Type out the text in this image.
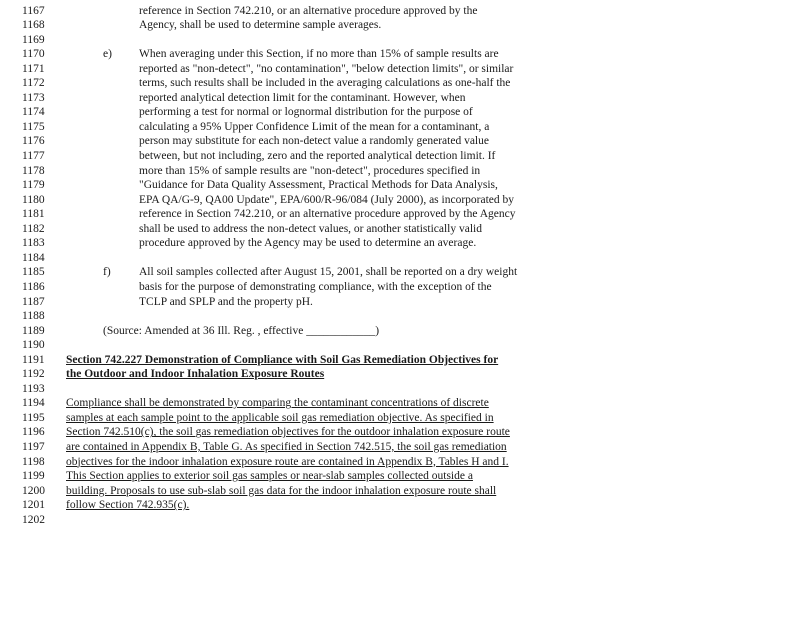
1167	reference in Section 742.210, or an alternative procedure approved by the
1168	Agency, shall be used to determine sample averages.
1169
1170	e) When averaging under this Section, if no more than 15% of sample results are
1171	reported as "non-detect", "no contamination", "below detection limits", or similar
1172	terms, such results shall be included in the averaging calculations as one-half the
1173	reported analytical detection limit for the contaminant. However, when
1174	performing a test for normal or lognormal distribution for the purpose of
1175	calculating a 95% Upper Confidence Limit of the mean for a contaminant, a
1176	person may substitute for each non-detect value a randomly generated value
1177	between, but not including, zero and the reported analytical detection limit. If
1178	more than 15% of sample results are "non-detect", procedures specified in
1179	"Guidance for Data Quality Assessment, Practical Methods for Data Analysis,
1180	EPA QA/G-9, QA00 Update", EPA/600/R-96/084 (July 2000), as incorporated by
1181	reference in Section 742.210, or an alternative procedure approved by the Agency
1182	shall be used to address the non-detect values, or another statistically valid
1183	procedure approved by the Agency may be used to determine an average.
1184
1185	f) All soil samples collected after August 15, 2001, shall be reported on a dry weight
1186	basis for the purpose of demonstrating compliance, with the exception of the
1187	TCLP and SPLP and the property pH.
1188
1189	(Source: Amended at 36 Ill. Reg. , effective ____________)
1190
1191	Section 742.227 Demonstration of Compliance with Soil Gas Remediation Objectives for
1192	the Outdoor and Indoor Inhalation Exposure Routes
1193
1194	Compliance shall be demonstrated by comparing the contaminant concentrations of discrete
1195	samples at each sample point to the applicable soil gas remediation objective. As specified in
1196	Section 742.510(c), the soil gas remediation objectives for the outdoor inhalation exposure route
1197	are contained in Appendix B, Table G. As specified in Section 742.515, the soil gas remediation
1198	objectives for the indoor inhalation exposure route are contained in Appendix B, Tables H and I.
1199	This Section applies to exterior soil gas samples or near-slab samples collected outside a
1200	building. Proposals to use sub-slab soil gas data for the indoor inhalation exposure route shall
1201	follow Section 742.935(c).
1202
